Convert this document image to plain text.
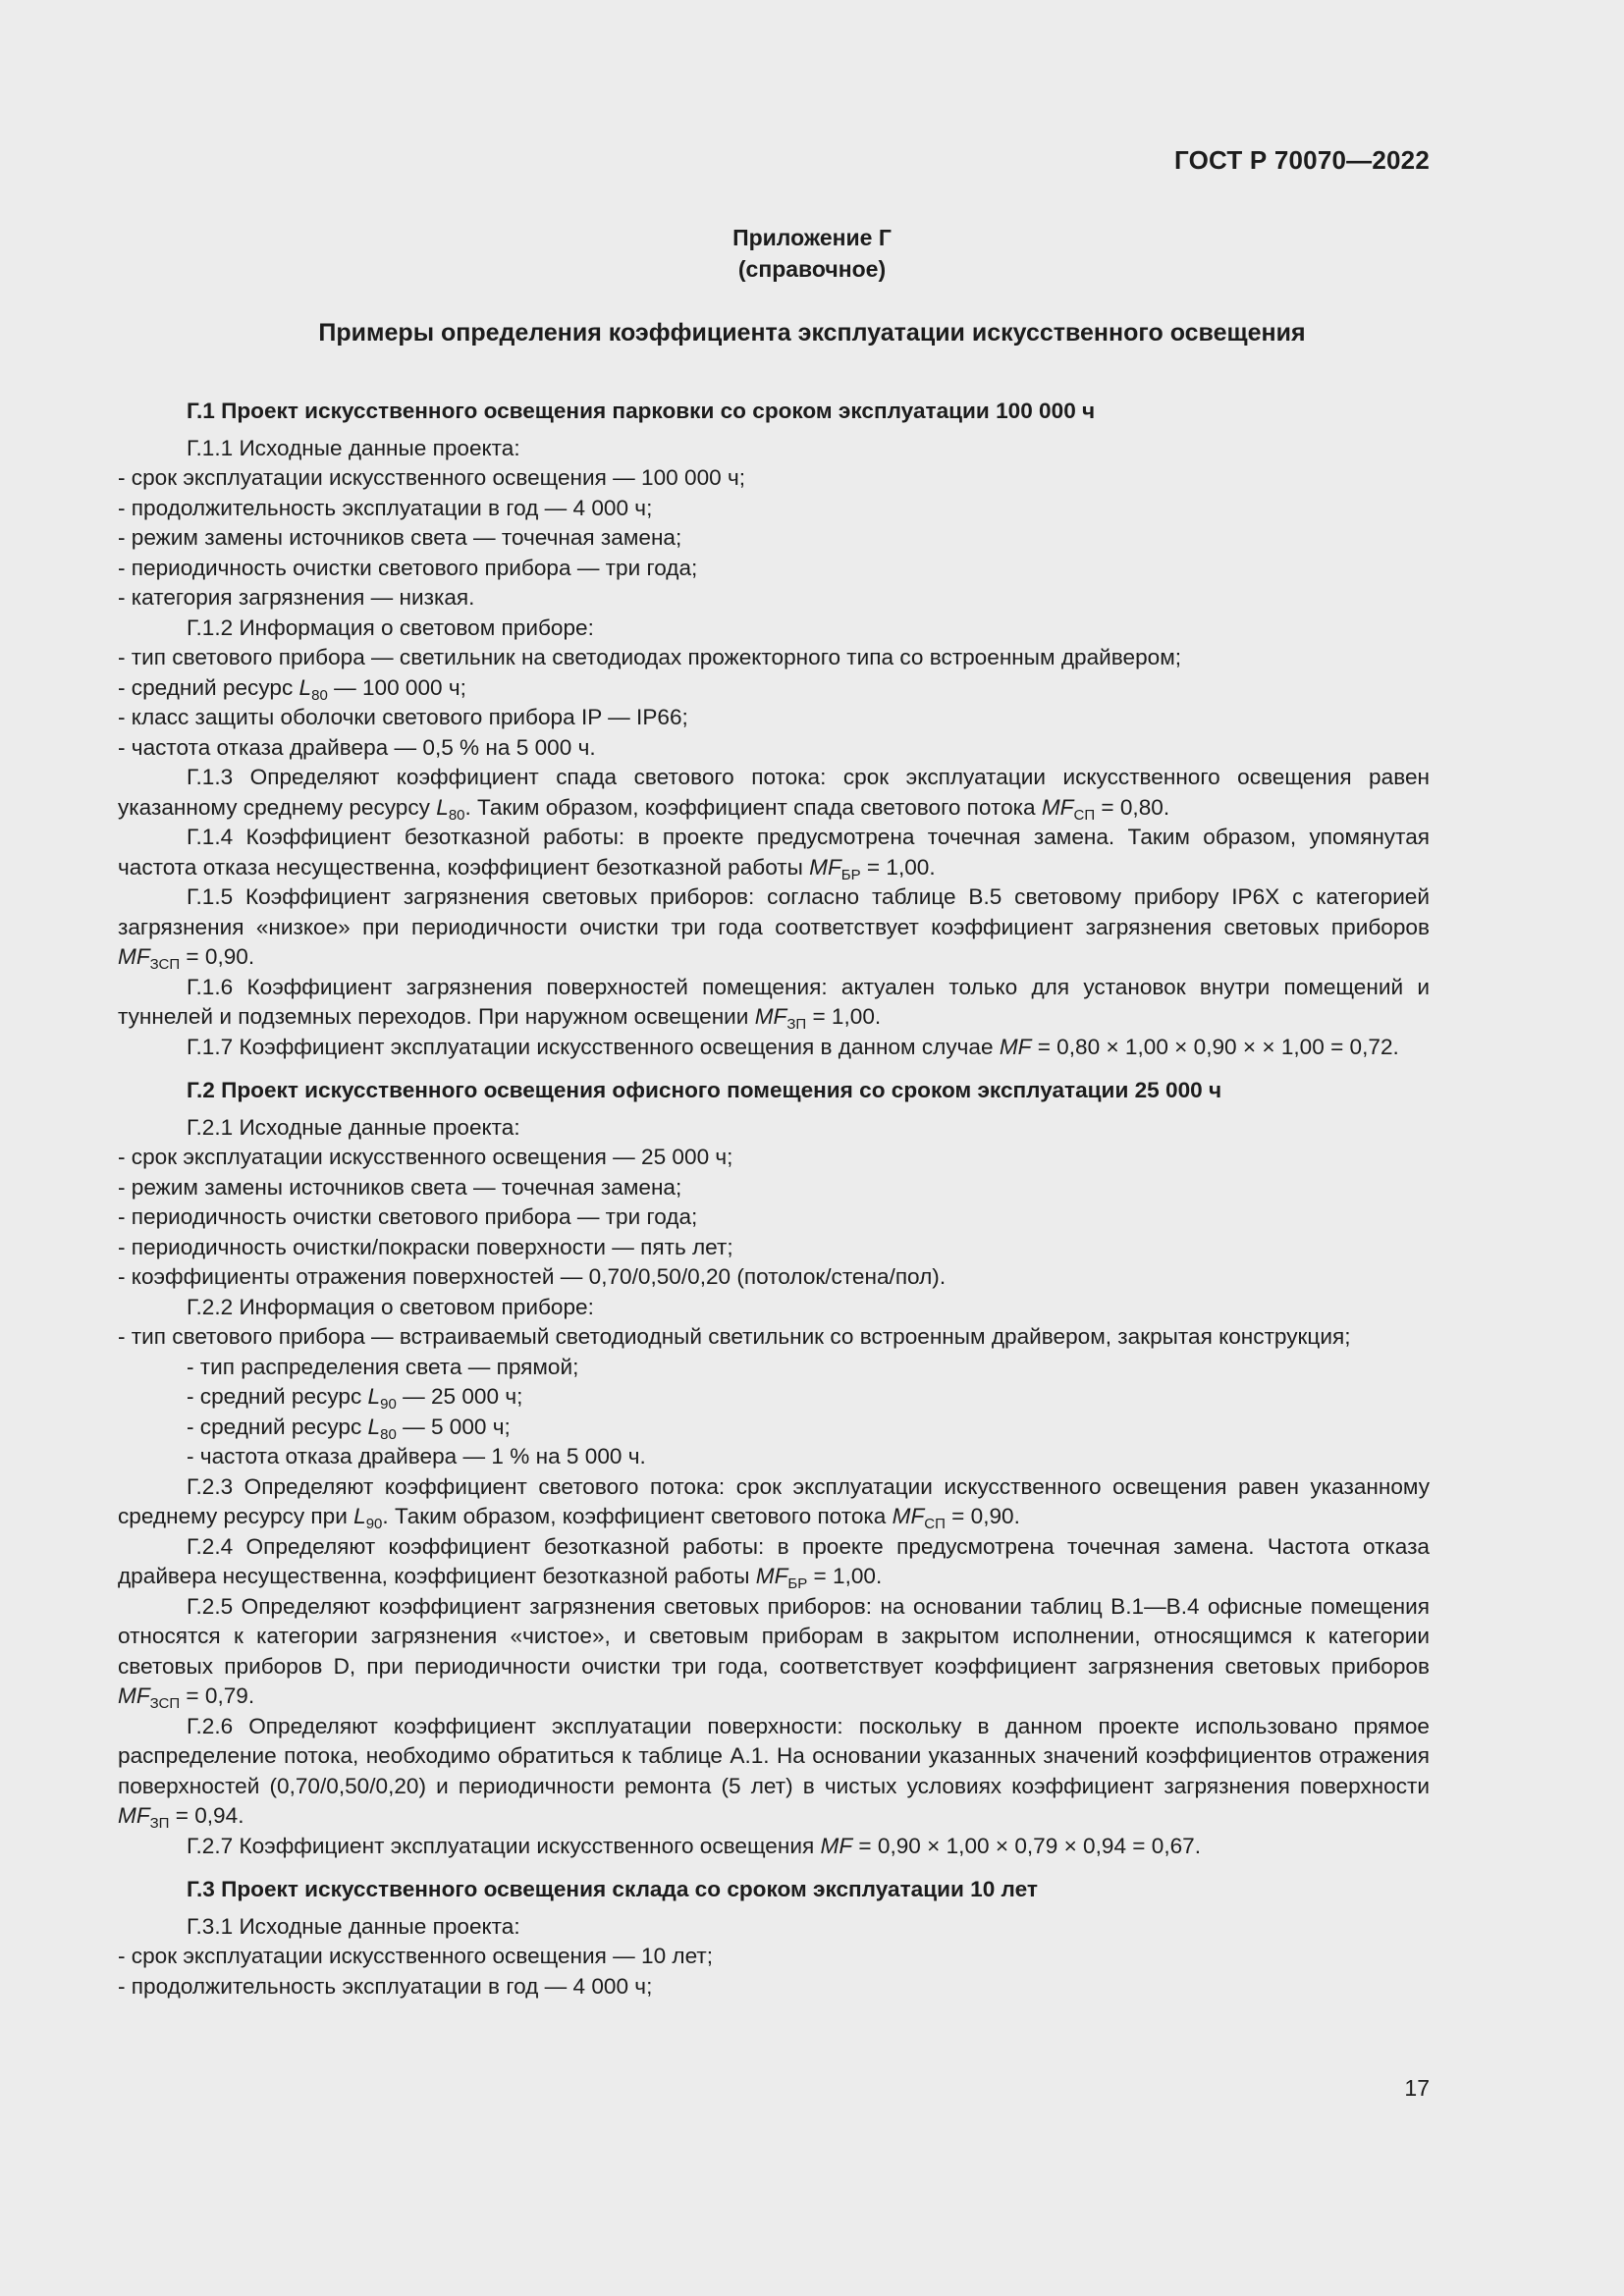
ГОСТ Р 70070—2022
Приложение Г
(справочное)
Примеры определения коэффициента эксплуатации искусственного освещения

Г.1 Проект искусственного освещения парковки со сроком эксплуатации 100 000 ч

Г.1.1 Исходные данные проекта:

- срок эксплуатации искусственного освещения — 100 000 ч;

- продолжительность эксплуатации в год — 4 000 ч;

- режим замены источников света — точечная замена;

- периодичность очистки светового прибора — три года;

- категория загрязнения — низкая.

Г.1.2 Информация о световом приборе:

- тип светового прибора — светильник на светодиодах прожекторного типа со встроенным драйвером;

- средний ресурс $L_{80}$ — 100 000 ч;

- класс защиты оболочки светового прибора IP — IP66;

- частота отказа драйвера — 0,5 % на 5 000 ч.

Г.1.3 Определяют коэффициент спада светового потока: срок эксплуатации искусственного освещения равен указанному среднему ресурсу $L_{80}$. Таким образом, коэффициент спада светового потока $MF_{СП} = 0,80$.

Г.1.4 Коэффициент безотказной работы: в проекте предусмотрена точечная замена. Таким образом, упомянутая частота отказа несущественна, коэффициент безотказной работы $MF_{БР} = 1,00$.

Г.1.5 Коэффициент загрязнения световых приборов: согласно таблице В.5 световому прибору IP6X с категорией загрязнения «низкое» при периодичности очистки три года соответствует коэффициент загрязнения световых приборов $MF_{ЗСП} = 0,90$.

Г.1.6 Коэффициент загрязнения поверхностей помещения: актуален только для установок внутри помещений и туннелей и подземных переходов. При наружном освещении $MF_{ЗП} = 1,00$.

Г.1.7 Коэффициент эксплуатации искусственного освещения в данном случае MF = 0,80 × 1,00 × 0,90 × × 1,00 = 0,72.

Г.2 Проект искусственного освещения офисного помещения со сроком эксплуатации 25 000 ч

Г.2.1 Исходные данные проекта:

- срок эксплуатации искусственного освещения — 25 000 ч;

- режим замены источников света — точечная замена;

- периодичность очистки светового прибора — три года;

- периодичность очистки/покраски поверхности — пять лет;

- коэффициенты отражения поверхностей — 0,70/0,50/0,20 (потолок/стена/пол).

Г.2.2 Информация о световом приборе:

- тип светового прибора — встраиваемый светодиодный светильник со встроенным драйвером, закрытая конструкция;

- тип распределения света — прямой;

- средний ресурс $L_{90}$ — 25 000 ч;

- средний ресурс $L_{80}$ — 5 000 ч;

- частота отказа драйвера — 1 % на 5 000 ч.

Г.2.3 Определяют коэффициент светового потока: срок эксплуатации искусственного освещения равен указанному среднему ресурсу при $L_{90}$. Таким образом, коэффициент светового потока $MF_{СП} = 0,90$.

Г.2.4 Определяют коэффициент безотказной работы: в проекте предусмотрена точечная замена. Частота отказа драйвера несущественна, коэффициент безотказной работы $MF_{БР} = 1,00$.

Г.2.5 Определяют коэффициент загрязнения световых приборов: на основании таблиц В.1—В.4 офисные помещения относятся к категории загрязнения «чистое», и световым приборам в закрытом исполнении, относящимся к категории световых приборов D, при периодичности очистки три года, соответствует коэффициент загрязнения световых приборов $MF_{ЗСП} = 0,79$.

Г.2.6 Определяют коэффициент эксплуатации поверхности: поскольку в данном проекте использовано прямое распределение потока, необходимо обратиться к таблице А.1. На основании указанных значений коэффициентов отражения поверхностей (0,70/0,50/0,20) и периодичности ремонта (5 лет) в чистых условиях коэффициент загрязнения поверхности $MF_{ЗП} = 0,94$.

Г.2.7 Коэффициент эксплуатации искусственного освещения MF = 0,90 × 1,00 × 0,79 × 0,94 = 0,67.

Г.3 Проект искусственного освещения склада со сроком эксплуатации 10 лет

Г.3.1 Исходные данные проекта:

- срок эксплуатации искусственного освещения — 10 лет;

- продолжительность эксплуатации в год — 4 000 ч;

17
